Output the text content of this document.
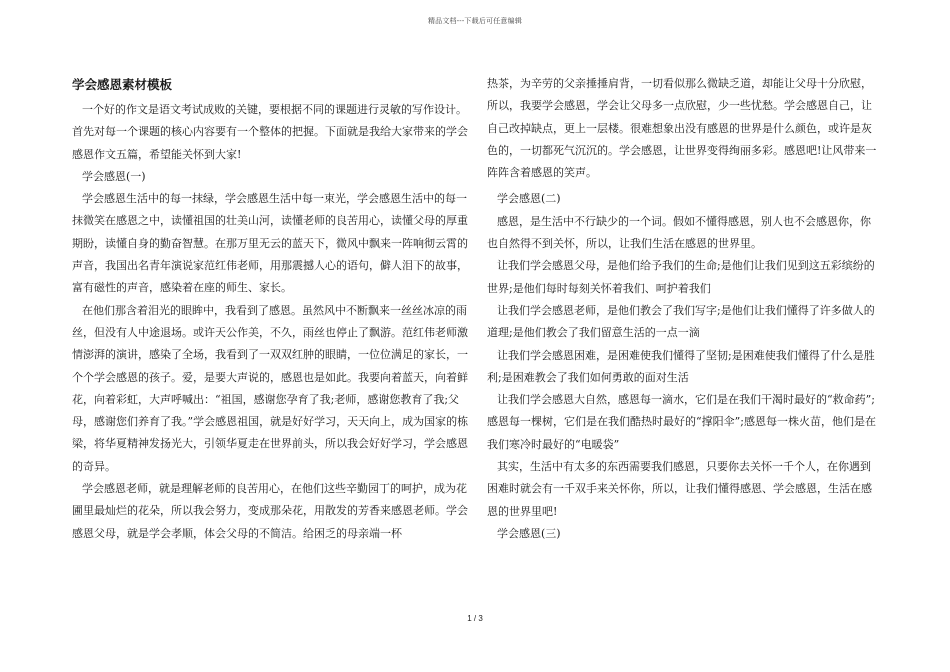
精品文档---下载后可任意编辑
学会感恩素材模板

一个好的作文是语文考试成败的关键，要根据不同的课题进行灵敏的写作设计。首先对每一个课题的核心内容要有一个整体的把握。下面就是我给大家带来的学会感恩作文五篇，希望能关怀到大家!

学会感恩(一)

学会感恩生活中的每一抹绿，学会感恩生活中每一束光，学会感恩生活中的每一抹微笑在感恩之中，读懂祖国的壮美山河，读懂老师的良苦用心，读懂父母的厚重期盼，读懂自身的勤奋智慧。在那万里无云的蓝天下，微风中飘来一阵响彻云霄的声音，我国出名青年演说家范红伟老师，用那震撼人心的语句，僻人泪下的故事，富有磁性的声音，感染着在座的师生、家长。

在他们那含着泪光的眼眸中，我看到了感恩。虽然风中不断飘来一丝丝冰凉的雨丝，但没有人中途退场。或许天公作美，不久，雨丝也停止了飘游。范红伟老师激情澎湃的演讲，感染了全场，我看到了一双双红肿的眼睛，一位位满足的家长，一个个学会感恩的孩子。爱，是要大声说的，感恩也是如此。我要向着蓝天，向着鲜花，向着彩虹，大声呼喊出：“祖国，感谢您孕育了我;老师，感谢您教育了我;父母，感谢您们养育了我。”学会感恩祖国，就是好好学习，天天向上，成为国家的栋梁，将华夏精神发扬光大，引领华夏走在世界前头，所以我会好好学习，学会感恩的奇异。

学会感恩老师，就是理解老师的良苦用心，在他们这些辛勤园丁的呵护，成为花圃里最灿烂的花朵，所以我会努力，变成那朵花，用散发的芳香来感恩老师。学会感恩父母，就是学会孝顺，体会父母的不简洁。给困乏的母亲端一杯

热茶，为辛劳的父亲捶捶肩背，一切看似那么微缺乏道，却能让父母十分欣慰，所以，我要学会感恩，学会让父母多一点欣慰，少一些忧愁。学会感恩自己，让自己改掉缺点，更上一层楼。很难想象出没有感恩的世界是什么颜色，或许是灰色的，一切都死气沉沉的。学会感恩，让世界变得绚丽多彩。感恩吧!让风带来一阵阵含着感恩的笑声。

学会感恩(二)

感恩，是生活中不行缺少的一个词。假如不懂得感恩，别人也不会感恩你，你也自然得不到关怀，所以，让我们生活在感恩的世界里。

让我们学会感恩父母，是他们给予我们的生命;是他们让我们见到这五彩缤纷的世界;是他们每时每刻关怀着我们、呵护着我们

让我们学会感恩老师，是他们教会了我们写字;是他们让我们懂得了许多做人的道理;是他们教会了我们留意生活的一点一滴

让我们学会感恩困难，是困难使我们懂得了坚韧;是困难使我们懂得了什么是胜利;是困难教会了我们如何勇敢的面对生活

让我们学会感恩大自然，感恩每一滴水，它们是在我们干渴时最好的“救命药”;感恩每一棵树，它们是在我们酷热时最好的“撑阳伞”;感恩每一株火苗，他们是在我们寒冷时最好的“电暖袋”

其实，生活中有太多的东西需要我们感恩，只要你去关怀一千个人，在你遇到困难时就会有一千双手来关怀你，所以，让我们懂得感恩、学会感恩，生活在感恩的世界里吧!

学会感恩(三)

1 / 3
